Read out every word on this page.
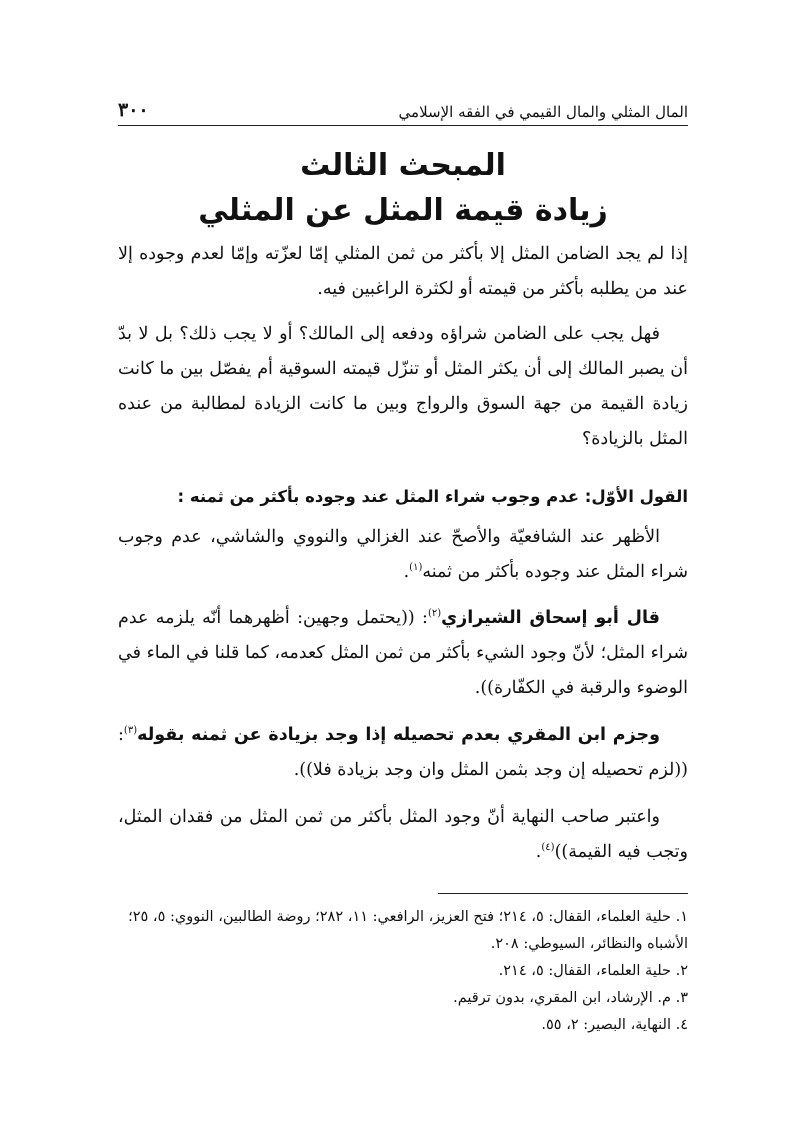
المال المثلي والمال القيمي في الفقه الإسلامي
٣٠٠
المبحث الثالث
زيادة قيمة المثل عن المثلي

إذا لم يجد الضامن المثل إلا بأكثر من ثمن المثلي إمّا لعزّته وإمّا لعدم وجوده إلا عند من يطلبه بأكثر من قيمته أو لكثرة الراغبين فيه.

فهل يجب على الضامن شراؤه ودفعه إلى المالك؟ أو لا يجب ذلك؟ بل لا بدّ أن يصبر المالك إلى أن يكثر المثل أو تنزّل قيمته السوقية أم يفصّل بين ما كانت زيادة القيمة من جهة السوق والرواج وبين ما كانت الزيادة لمطالبة من عنده المثل بالزيادة؟

القول الأوّل: عدم وجوب شراء المثل عند وجوده بأكثر من ثمنه :

الأظهر عند الشافعيّة والأصحّ عند الغزالي والنووي والشاشي، عدم وجوب شراء المثل عند وجوده بأكثر من ثمنه$^{(١)}$.

قال أبو إسحاق الشيرازي$^{(٢)}$: ((يحتمل وجهين: أظهرهما أنّه يلزمه عدم شراء المثل؛ لأنّ وجود الشيء بأكثر من ثمن المثل كعدمه، كما قلنا في الماء في الوضوء والرقبة في الكفّارة)).

وجزم ابن المقري بعدم تحصيله إذا وجد بزيادة عن ثمنه بقوله$^{(٣)}$: ((لزم تحصيله إن وجد بثمن المثل وان وجد بزيادة فلا)).

واعتبر صاحب النهاية أنّ وجود المثل بأكثر من ثمن المثل من فقدان المثل، وتجب فيه القيمة))$^{(٤)}$.

١. حلية العلماء، القفال: ٥، ٢١٤؛ فتح العزيز، الرافعي: ١١، ٢٨٢؛ روضة الطالبين، النووي: ٥، ٢٥؛ الأشباه والنظائر، السيوطي: ٢٠٨.

٢. حلية العلماء، القفال: ٥، ٢١٤.

٣. م. الإرشاد، ابن المقري، بدون ترقيم.

٤. النهاية، البصير: ٢، ٥٥.
